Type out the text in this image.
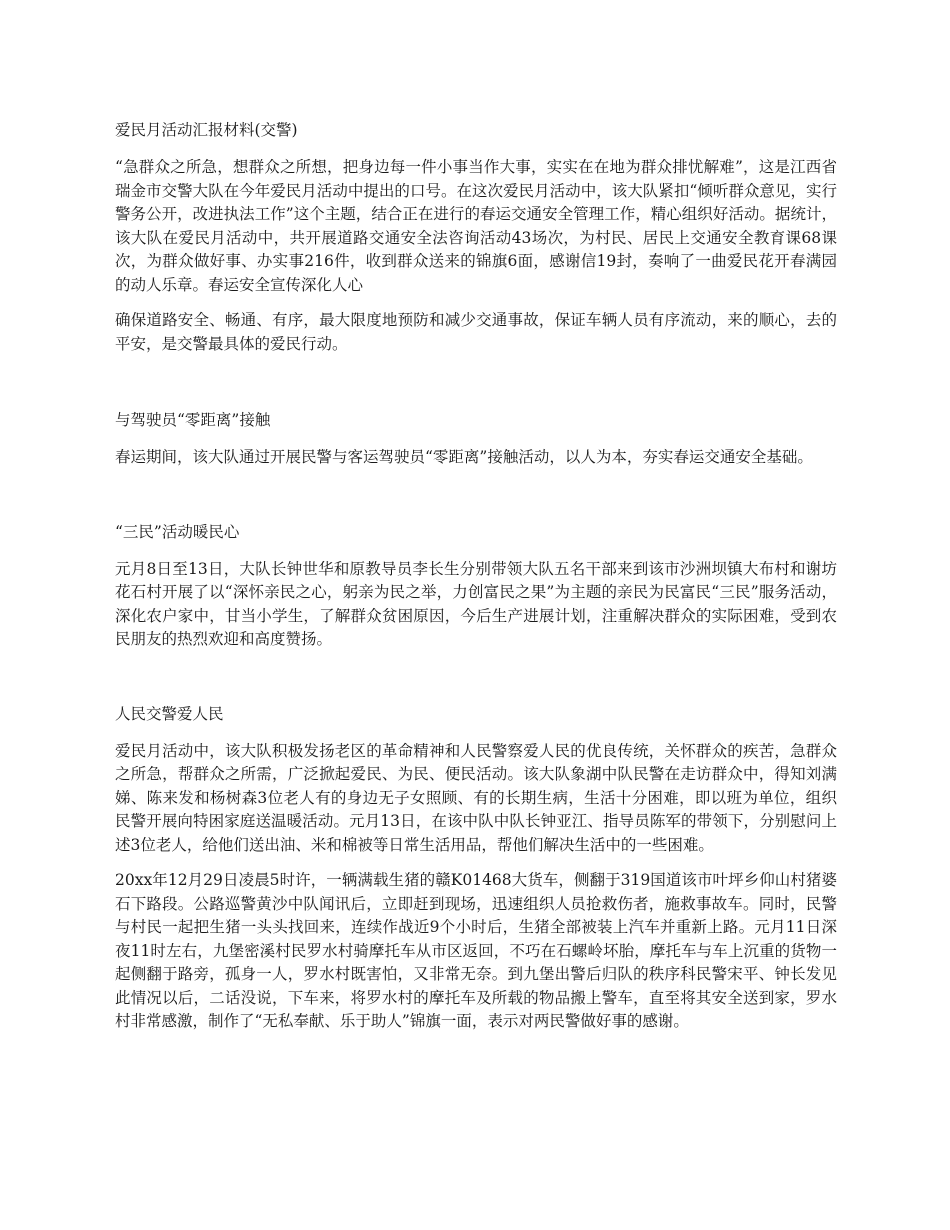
爱民月活动汇报材料(交警)

“急群众之所急，想群众之所想，把身边每一件小事当作大事，实实在在地为群众排忧解难”，这是江西省瑞金市交警大队在今年爱民月活动中提出的口号。在这次爱民月活动中，该大队紧扣“倾听群众意见，实行警务公开，改进执法工作”这个主题，结合正在进行的春运交通安全管理工作，精心组织好活动。据统计，该大队在爱民月活动中，共开展道路交通安全法咨询活动43场次，为村民、居民上交通安全教育课68课次，为群众做好事、办实事216件，收到群众送来的锦旗6面，感谢信19封，奏响了一曲爱民花开春满园的动人乐章。春运安全宣传深化人心

确保道路安全、畅通、有序，最大限度地预防和减少交通事故，保证车辆人员有序流动，来的顺心，去的平安，是交警最具体的爱民行动。

与驾驶员“零距离”接触

春运期间，该大队通过开展民警与客运驾驶员“零距离”接触活动，以人为本，夯实春运交通安全基础。

“三民”活动暖民心

元月8日至13日，大队长钟世华和原教导员李长生分别带领大队五名干部来到该市沙洲坝镇大布村和谢坊花石村开展了以“深怀亲民之心，躬亲为民之举，力创富民之果”为主题的亲民为民富民“三民”服务活动，深化农户家中，甘当小学生，了解群众贫困原因，今后生产进展计划，注重解决群众的实际困难，受到农民朋友的热烈欢迎和高度赞扬。

人民交警爱人民

爱民月活动中，该大队积极发扬老区的革命精神和人民警察爱人民的优良传统，关怀群众的疾苦，急群众之所急，帮群众之所需，广泛掀起爱民、为民、便民活动。该大队象湖中队民警在走访群众中，得知刘满娣、陈来发和杨树森3位老人有的身边无子女照顾、有的长期生病，生活十分困难，即以班为单位，组织民警开展向特困家庭送温暖活动。元月13日，在该中队中队长钟亚江、指导员陈军的带领下，分别慰问上述3位老人，给他们送出油、米和棉被等日常生活用品，帮他们解决生活中的一些困难。

20xx年12月29日凌晨5时许，一辆满载生猪的赣K01468大货车，侧翻于319国道该市叶坪乡仰山村猪婆石下路段。公路巡警黄沙中队闻讯后，立即赶到现场，迅速组织人员抢救伤者，施救事故车。同时，民警与村民一起把生猪一头头找回来，连续作战近9个小时后，生猪全部被装上汽车并重新上路。元月11日深夜11时左右，九堡密溪村民罗水村骑摩托车从市区返回，不巧在石螺岭坏胎，摩托车与车上沉重的货物一起侧翻于路旁，孤身一人，罗水村既害怕，又非常无奈。到九堡出警后归队的秩序科民警宋平、钟长发见此情况以后，二话没说，下车来，将罗水村的摩托车及所载的物品搬上警车，直至将其安全送到家，罗水村非常感激，制作了“无私奉献、乐于助人”锦旗一面，表示对两民警做好事的感谢。
